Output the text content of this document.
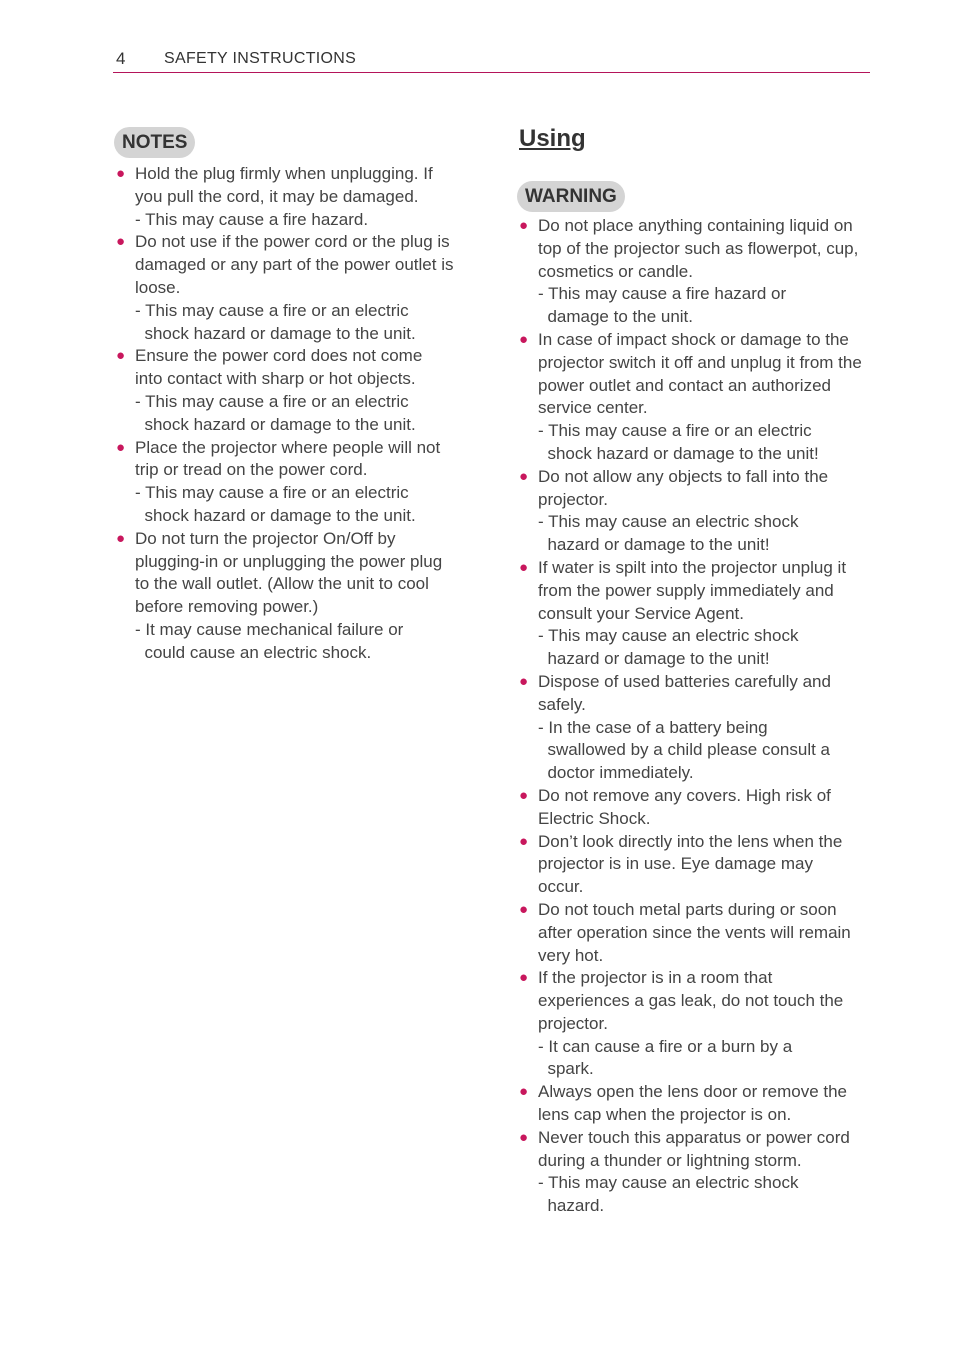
4 SAFETY INSTRUCTIONS
NOTES
● Hold the plug firmly when unplugging. If you pull the cord, it may be damaged.
- This may cause a fire hazard.
● Do not use if the power cord or the plug is damaged or any part of the power outlet is loose.
- This may cause a fire or an electric
shock hazard or damage to the unit.
● Ensure the power cord does not come into contact with sharp or hot objects.
- This may cause a fire or an electric
shock hazard or damage to the unit.
● Place the projector where people will not trip or tread on the power cord.
- This may cause a fire or an electric
shock hazard or damage to the unit.
● Do not turn the projector On/Off by plugging-in or unplugging the power plug to the wall outlet. (Allow the unit to cool before removing power.)
- It may cause mechanical failure or
could cause an electric shock.
Using
WARNING
● Do not place anything containing liquid on top of the projector such as flowerpot, cup, cosmetics or candle.
- This may cause a fire hazard or
damage to the unit.
● In case of impact shock or damage to the projector switch it off and unplug it from the power outlet and contact an authorized service center.
- This may cause a fire or an electric
shock hazard or damage to the unit!
● Do not allow any objects to fall into the projector.
- This may cause an electric shock
hazard or damage to the unit!
● If water is spilt into the projector unplug it from the power supply immediately and consult your Service Agent.
- This may cause an electric shock
hazard or damage to the unit!
● Dispose of used batteries carefully and safely.
- In the case of a battery being
swallowed by a child please consult a
doctor immediately.
● Do not remove any covers. High risk of Electric Shock.
● Don’t look directly into the lens when the projector is in use. Eye damage may occur.
● Do not touch metal parts during or soon after operation since the vents will remain very hot.
● If the projector is in a room that experiences a gas leak, do not touch the projector.
- It can cause a fire or a burn by a
spark.
● Always open the lens door or remove the lens cap when the projector is on.
● Never touch this apparatus or power cord during a thunder or lightning storm.
- This may cause an electric shock
hazard.
